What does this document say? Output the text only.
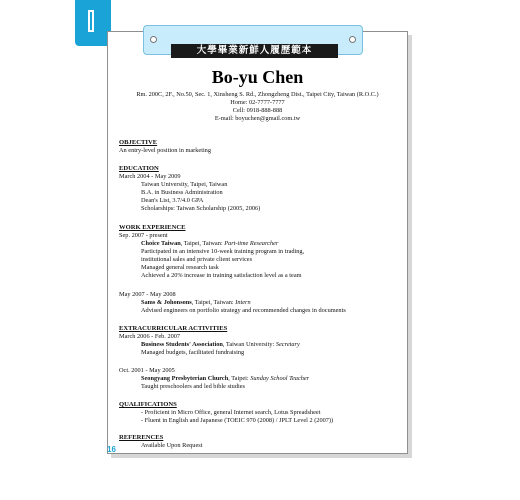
大學畢業新鮮人履歷範本
Bo-yu Chen
Rm. 200C, 2F., No.50, Sec. 1, Xinsheng S. Rd., Zhongzheng Dist., Taipei City, Taiwan (R.O.C.)
Home: 02-7777-7777
Cell: 0918-888-888
E-mail: boyuchen@gmail.com.tw
OBJECTIVE
An entry-level position in marketing
EDUCATION
March 2004 - May 2009
Taiwan University, Taipei, Taiwan
B.A. in Business Administration
Dean's List, 3.7/4.0 GPA
Scholarships: Taiwan Scholarship (2005, 2006)
WORK EXPERIENCE
Sep. 2007 - present
Choice Taiwan, Taipei, Taiwan: Part-time Researcher
Participated in an intensive 10-week training program in trading,
institutional sales and private client services
Managed general research task
Achieved a 20% increase in training satisfaction level as a team
May 2007 - May 2008
Sams & Johonsons, Taipei, Taiwan: Intern
Advised engineers on portfolio strategy and recommended changes in documents
EXTRACURRICULAR ACTIVITIES
March 2006 - Feb. 2007
Business Students' Association, Taiwan University: Secretary
Managed budgets, facilitated fundraising
Oct. 2001 - May 2005
Seongyang Presbyterian Church, Taipei: Sunday School Teacher
Taught preschoolers and led bible studies
QUALIFICATIONS
- Proficient in Micro Office, general Internet search, Lotus Spreadsheet
- Fluent in English and Japanese (TOEIC 970 (2008) / JPLT Level 2 (2007))
REFERENCES
Available Upon Request
16
